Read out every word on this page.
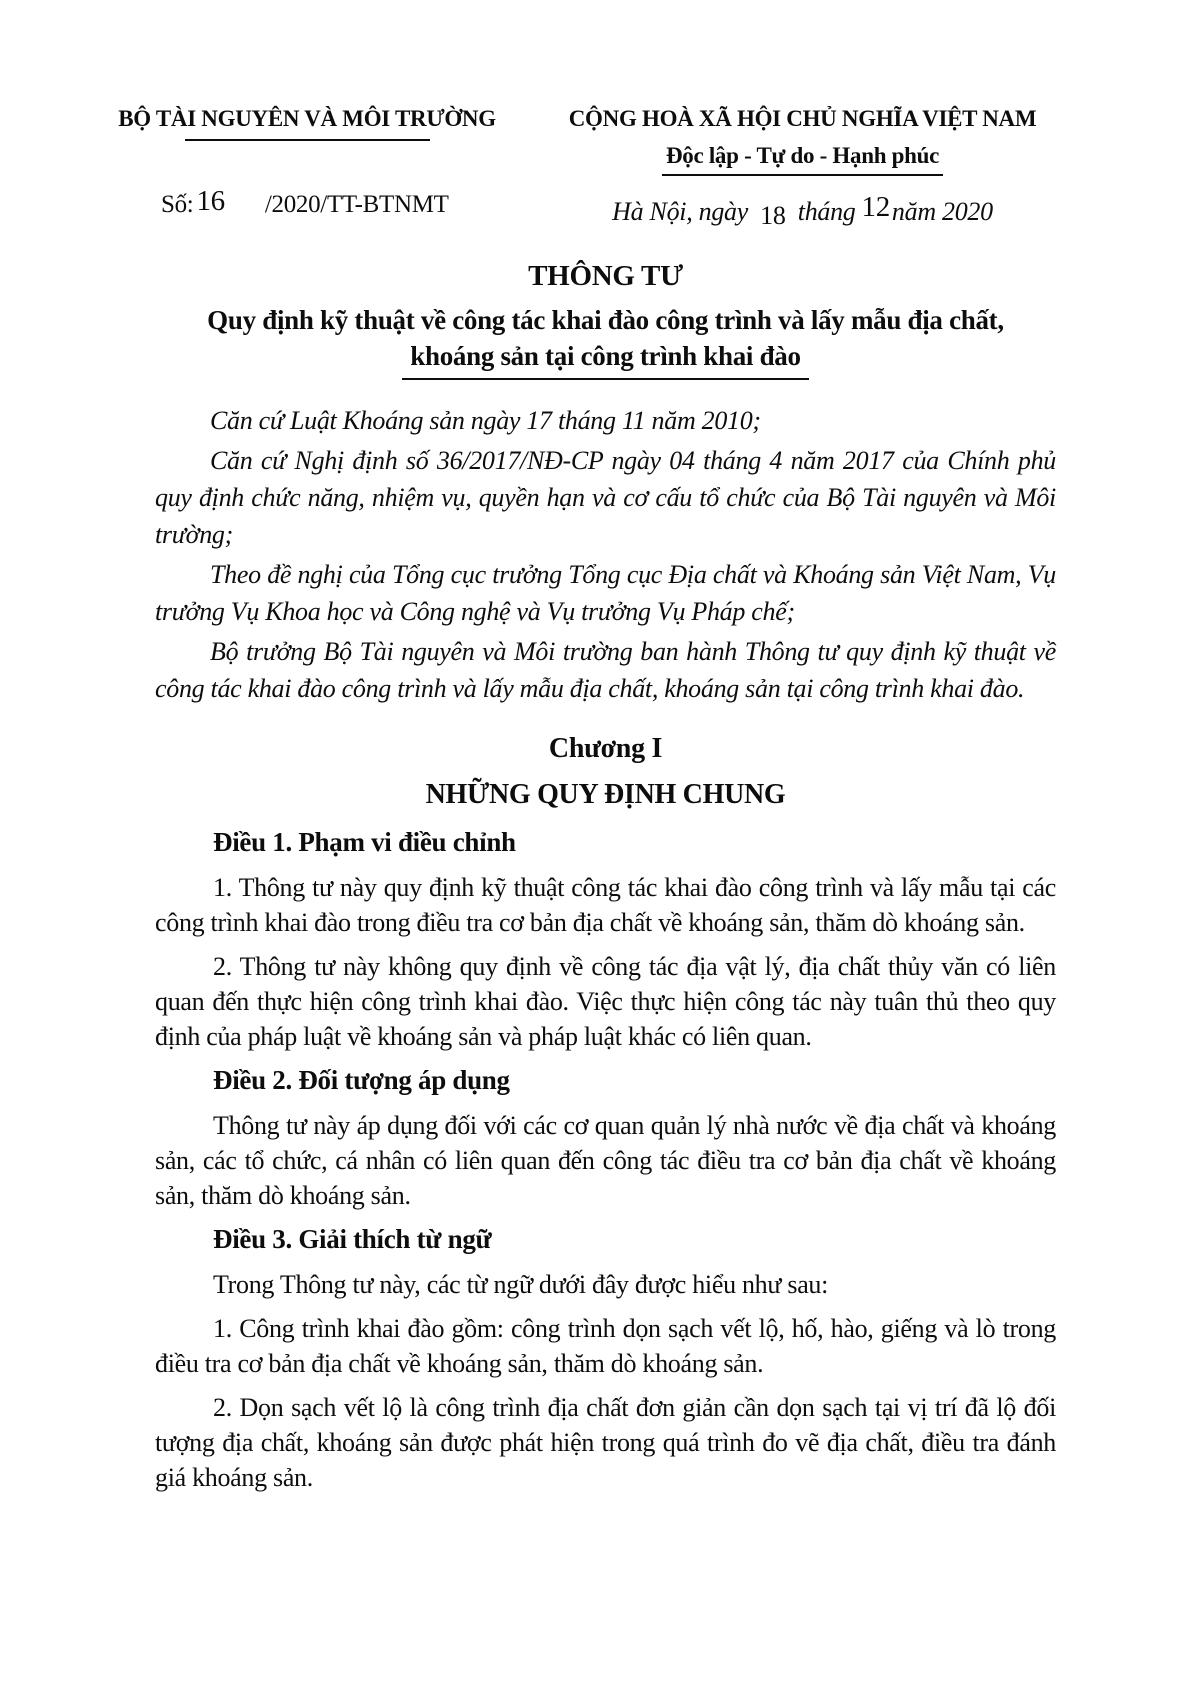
BỘ TÀI NGUYÊN VÀ MÔI TRƯỜNG
Số: 16 /2020/TT-BTNMT
CỘNG HOÀ XÃ HỘI CHỦ NGHĨA VIỆT NAM
Độc lập - Tự do - Hạnh phúc
Hà Nội, ngày 18 tháng 12năm 2020
THÔNG TƯ
Quy định kỹ thuật về công tác khai đào công trình và lấy mẫu địa chất,
khoáng sản tại công trình khai đào

Căn cứ Luật Khoáng sản ngày 17 tháng 11 năm 2010;

Căn cứ Nghị định số 36/2017/NĐ-CP ngày 04 tháng 4 năm 2017 của Chính phủ quy định chức năng, nhiệm vụ, quyền hạn và cơ cấu tổ chức của Bộ Tài nguyên và Môi trường;

Theo đề nghị của Tổng cục trưởng Tổng cục Địa chất và Khoáng sản Việt Nam, Vụ trưởng Vụ Khoa học và Công nghệ và Vụ trưởng Vụ Pháp chế;

Bộ trưởng Bộ Tài nguyên và Môi trường ban hành Thông tư quy định kỹ thuật về công tác khai đào công trình và lấy mẫu địa chất, khoáng sản tại công trình khai đào.

Chương I
NHỮNG QUY ĐỊNH CHUNG

Điều 1. Phạm vi điều chỉnh

1. Thông tư này quy định kỹ thuật công tác khai đào công trình và lấy mẫu tại các công trình khai đào trong điều tra cơ bản địa chất về khoáng sản, thăm dò khoáng sản.

2. Thông tư này không quy định về công tác địa vật lý, địa chất thủy văn có liên quan đến thực hiện công trình khai đào. Việc thực hiện công tác này tuân thủ theo quy định của pháp luật về khoáng sản và pháp luật khác có liên quan.

Điều 2. Đối tượng áp dụng

Thông tư này áp dụng đối với các cơ quan quản lý nhà nước về địa chất và khoáng sản, các tổ chức, cá nhân có liên quan đến công tác điều tra cơ bản địa chất về khoáng sản, thăm dò khoáng sản.

Điều 3. Giải thích từ ngữ

Trong Thông tư này, các từ ngữ dưới đây được hiểu như sau:

1. Công trình khai đào gồm: công trình dọn sạch vết lộ, hố, hào, giếng và lò trong điều tra cơ bản địa chất về khoáng sản, thăm dò khoáng sản.

2. Dọn sạch vết lộ là công trình địa chất đơn giản cần dọn sạch tại vị trí đã lộ đối tượng địa chất, khoáng sản được phát hiện trong quá trình đo vẽ địa chất, điều tra đánh giá khoáng sản.
